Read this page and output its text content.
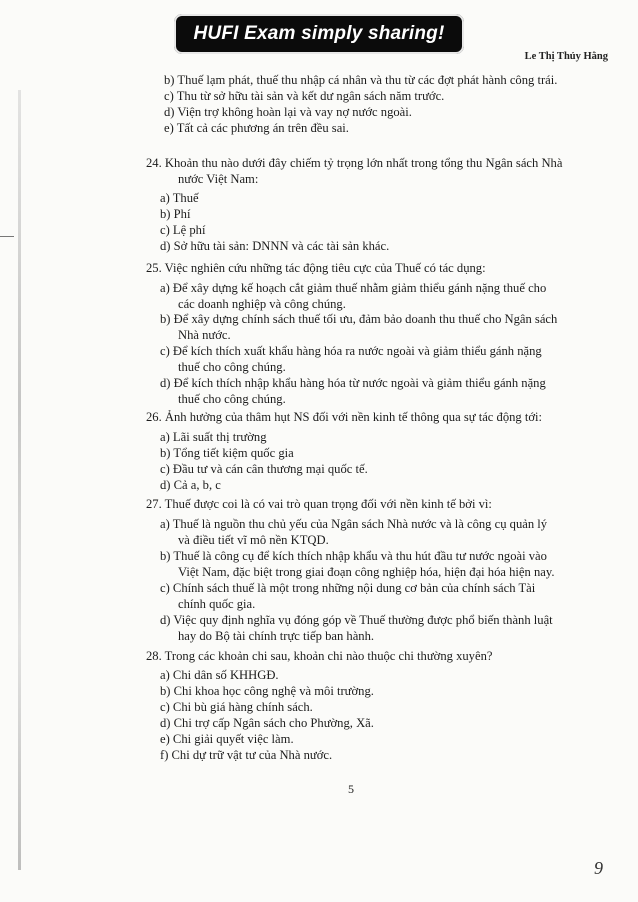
HUFI Exam simply sharing!
Le Thị Thủy Hằng
b) Thuế lạm phát, thuế thu nhập cá nhân và thu từ các đợt phát hành công trái.
c) Thu từ sở hữu tài sản và kết dư ngân sách năm trước.
d) Viện trợ không hoàn lại và vay nợ nước ngoài.
e) Tất cả các phương án trên đều sai.
24. Khoản thu nào dưới đây chiếm tỷ trọng lớn nhất trong tổng thu Ngân sách Nhà
nước Việt Nam:
a) Thuế
b) Phí
c) Lệ phí
d) Sở hữu tài sản: DNNN và các tài sản khác.
25. Việc nghiên cứu những tác động tiêu cực của Thuế có tác dụng:
a) Để xây dựng kế hoạch cắt giảm thuế nhằm giảm thiểu gánh nặng thuế cho
các doanh nghiệp và công chúng.
b) Để xây dựng chính sách thuế tối ưu, đảm bảo doanh thu thuế cho Ngân sách
Nhà nước.
c) Để kích thích xuất khẩu hàng hóa ra nước ngoài và giảm thiểu gánh nặng
thuế cho công chúng.
d) Để kích thích nhập khẩu hàng hóa từ nước ngoài và giảm thiểu gánh nặng
thuế cho công chúng.
26. Ảnh hưởng của thâm hụt NS đối với nền kinh tế thông qua sự tác động tới:
a) Lãi suất thị trường
b) Tổng tiết kiệm quốc gia
c) Đầu tư và cán cân thương mại quốc tế.
d) Cả a, b, c
27. Thuế được coi là có vai trò quan trọng đối với nền kinh tế bởi vì:
a) Thuế là nguồn thu chủ yếu của Ngân sách Nhà nước và là công cụ quản lý
và điều tiết vĩ mô nền KTQD.
b) Thuế là công cụ để kích thích nhập khẩu và thu hút đầu tư nước ngoài vào
Việt Nam, đặc biệt trong giai đoạn công nghiệp hóa, hiện đại hóa hiện nay.
c) Chính sách thuế là một trong những nội dung cơ bản của chính sách Tài
chính quốc gia.
d) Việc quy định nghĩa vụ đóng góp về Thuế thường được phổ biến thành luật
hay do Bộ tài chính trực tiếp ban hành.
28. Trong các khoản chi sau, khoản chi nào thuộc chi thường xuyên?
a) Chi dân số KHHGĐ.
b) Chi khoa học công nghệ và môi trường.
c) Chi bù giá hàng chính sách.
d) Chi trợ cấp Ngân sách cho Phường, Xã.
e) Chi giải quyết việc làm.
f) Chi dự trữ vật tư của Nhà nước.
5
9
